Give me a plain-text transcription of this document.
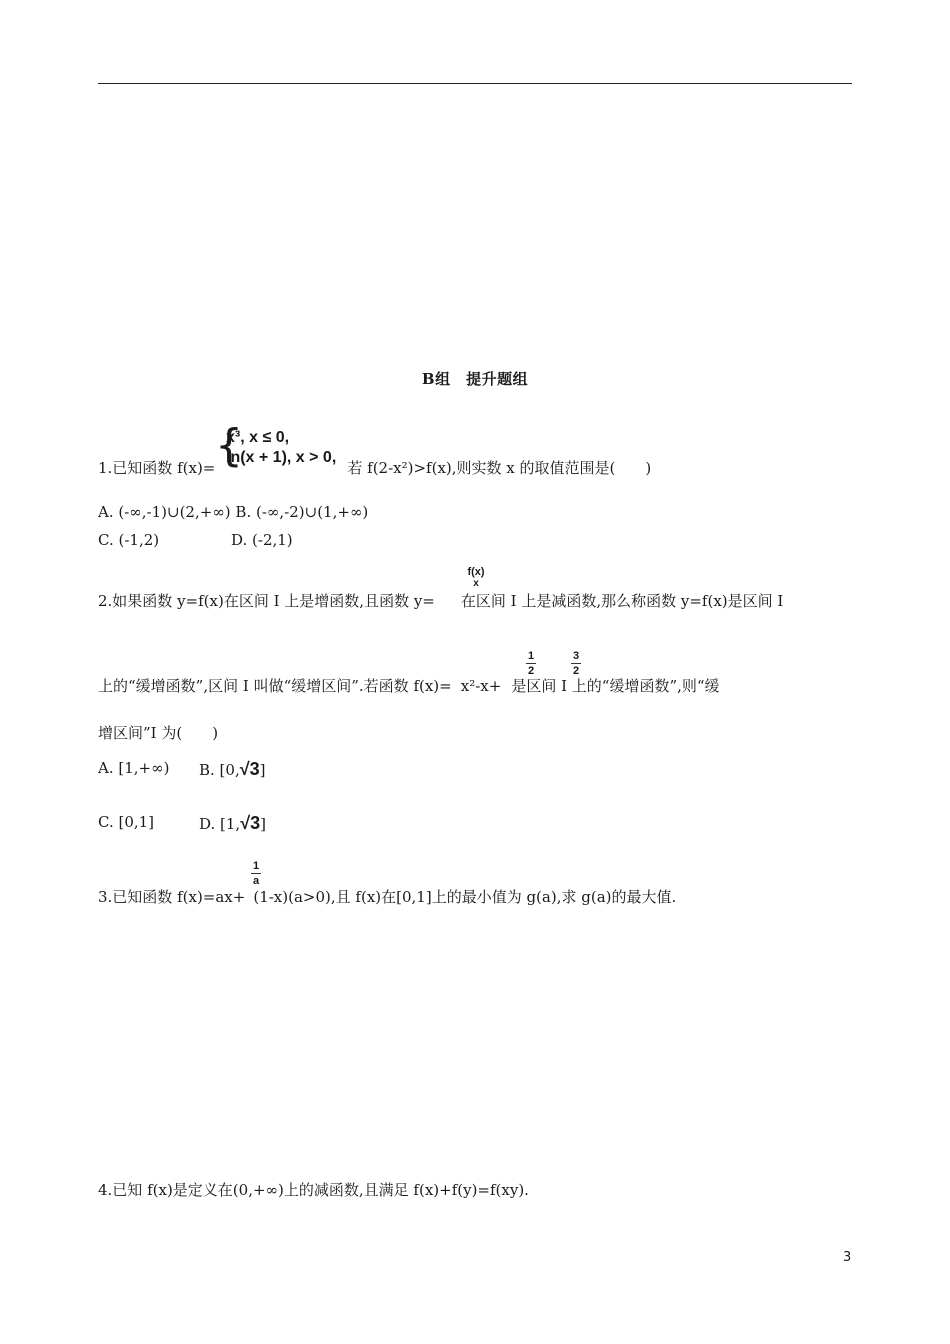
B组　提升题组
{
x³, x ≤ 0,
ln(x + 1), x > 0,
1.已知函数 f(x)=	若 f(2-x²)>f(x),则实数 x 的取值范围是(　　)
A. (-∞,-1)∪(2,+∞) B. (-∞,-2)∪(1,+∞)
C. (-1,2)	D. (-2,1)
f(x)
x
2.如果函数 y=f(x)在区间 I 上是增函数,且函数 y= 在区间 I 上是减函数,那么称函数 y=f(x)是区间 I
1
2
3
2
上的“缓增函数”,区间 I 叫做“缓增区间”.若函数 f(x)= x²-x+ 是区间 I 上的“缓增函数”,则“缓
增区间”I 为(　　)
A. [1,+∞) B. [0,√3]
C. [0,1]	D. [1,√3]
1
a
3.已知函数 f(x)=ax+ (1-x)(a>0),且 f(x)在[0,1]上的最小值为 g(a),求 g(a)的最大值.
4.已知 f(x)是定义在(0,+∞)上的减函数,且满足 f(x)+f(y)=f(xy).
3
